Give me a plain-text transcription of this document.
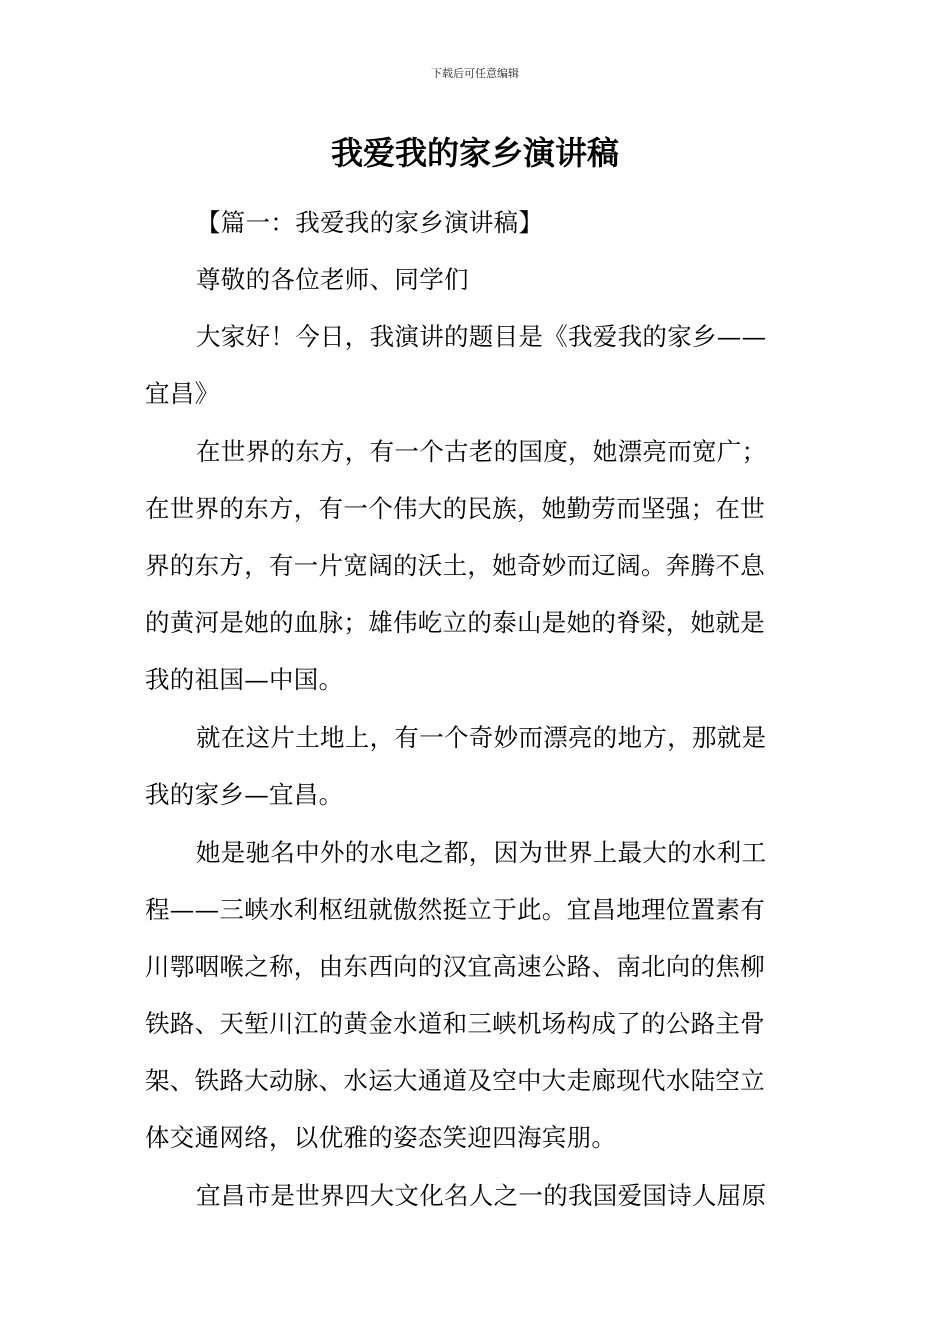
下载后可任意编辑
我爱我的家乡演讲稿
【篇一：我爱我的家乡演讲稿】
尊敬的各位老师、同学们
大家好！今日，我演讲的题目是《我爱我的家乡——
宜昌》
在世界的东方，有一个古老的国度，她漂亮而宽广；
在世界的东方，有一个伟大的民族，她勤劳而坚强；在世
界的东方，有一片宽阔的沃土，她奇妙而辽阔。奔腾不息
的黄河是她的血脉；雄伟屹立的泰山是她的脊梁，她就是
我的祖国—中国。
就在这片土地上，有一个奇妙而漂亮的地方，那就是
我的家乡—宜昌。
她是驰名中外的水电之都，因为世界上最大的水利工
程——三峡水利枢纽就傲然挺立于此。宜昌地理位置素有
川鄂咽喉之称，由东西向的汉宜高速公路、南北向的焦柳
铁路、天堑川江的黄金水道和三峡机场构成了的公路主骨
架、铁路大动脉、水运大通道及空中大走廊现代水陆空立
体交通网络，以优雅的姿态笑迎四海宾朋。
宜昌市是世界四大文化名人之一的我国爱国诗人屈原
